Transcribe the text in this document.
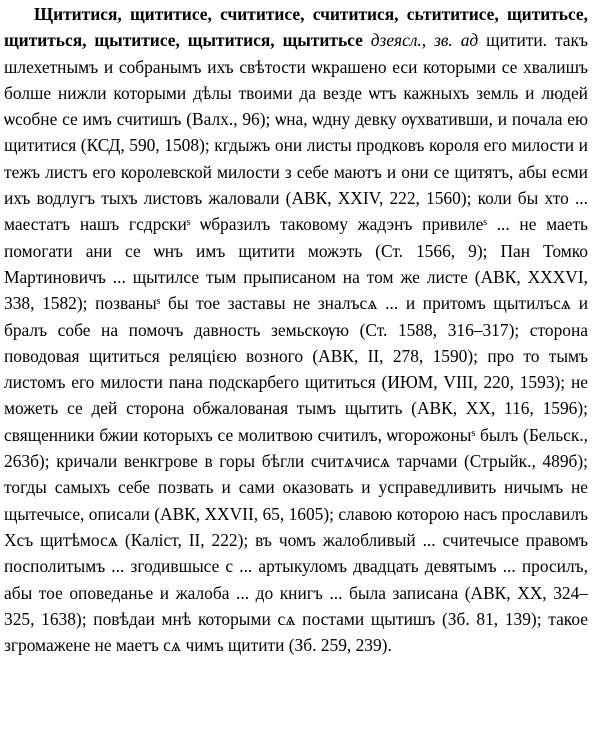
Щититися, щититисе, счититисе, счититися, сьтититисе, щититьсе, щититься, щытитисе, щытитися, щытитьсе дзеясл., зв. ад щитити. такъ шлехетнымъ и собранымъ ихъ свѣтости ѡкрашено еси которыми се хвалишъ болше нижли которыми дѣлы твоими да везде ѡтъ кажныхъ земль и людей ѡсобне се имъ считишъ (Валх., 96); ѡна, ѡдну девку ѹхвативши, и почала ею щититися (КСД, 590, 1508); кгдыжъ они листы продковъ короля его милости и тежъ листъ его королевской милости з себе маютъ и они се щитятъ, абы есми ихъ водлугъ тыхъ листовъ жаловали (АВК, XXIV, 222, 1560); коли бы хто ... маестатъ нашъ гсдрскиˢ ѡбразилъ таковому жадэнъ привилеˢ ... не маеть помогати ани се ѡнъ имъ щитити можэть (Ст. 1566, 9); Пан Томко Мартиновичъ ... щытилсе тым прыписаном на том же листе (АВК, XXXVI, 338, 1582); позваныˢ бы тое заставы не зналъсѧ ... и притомъ щытилъсѧ и бралъ собе на помочъ давность земьскѹю (Ст. 1588, 316–317); сторона поводовая щититься реляцією возного (АВК, II, 278, 1590); про то тымъ листомъ его милости пана подскарбего щититься (ИЮМ, VIII, 220, 1593); не можеть се дей сторона обжалованая тымъ щытить (АВК, XX, 116, 1596); священники бжии которыхъ се молитвою считилъ, ѡгорожоныˢ былъ (Бельск., 263б); кричали венкгрове в горы бѣгли считѧчисѧ тарчами (Стрыйк., 489б); тогды самыхъ себе позвать и сами оказовать и усправедливить ничымъ не щытечысе, описали (АВК, XXVII, 65, 1605); славою которою насъ прославилъ Хсъ щитѣмосѧ (Каліст, II, 222); въ чомъ жалобливый ... считечысе правомъ посполитымъ ... згодившысе с ... артыкуломъ двадцать девятымъ ... просилъ, абы тое оповеданье и жалоба ... до книгъ ... была записана (АВК, XX, 324–325, 1638); повѣдаи мнѣ которыми сѧ постами щытишъ (Зб. 81, 139); такое згромажене не маетъ сѧ чимъ щитити (Зб. 259, 239).
